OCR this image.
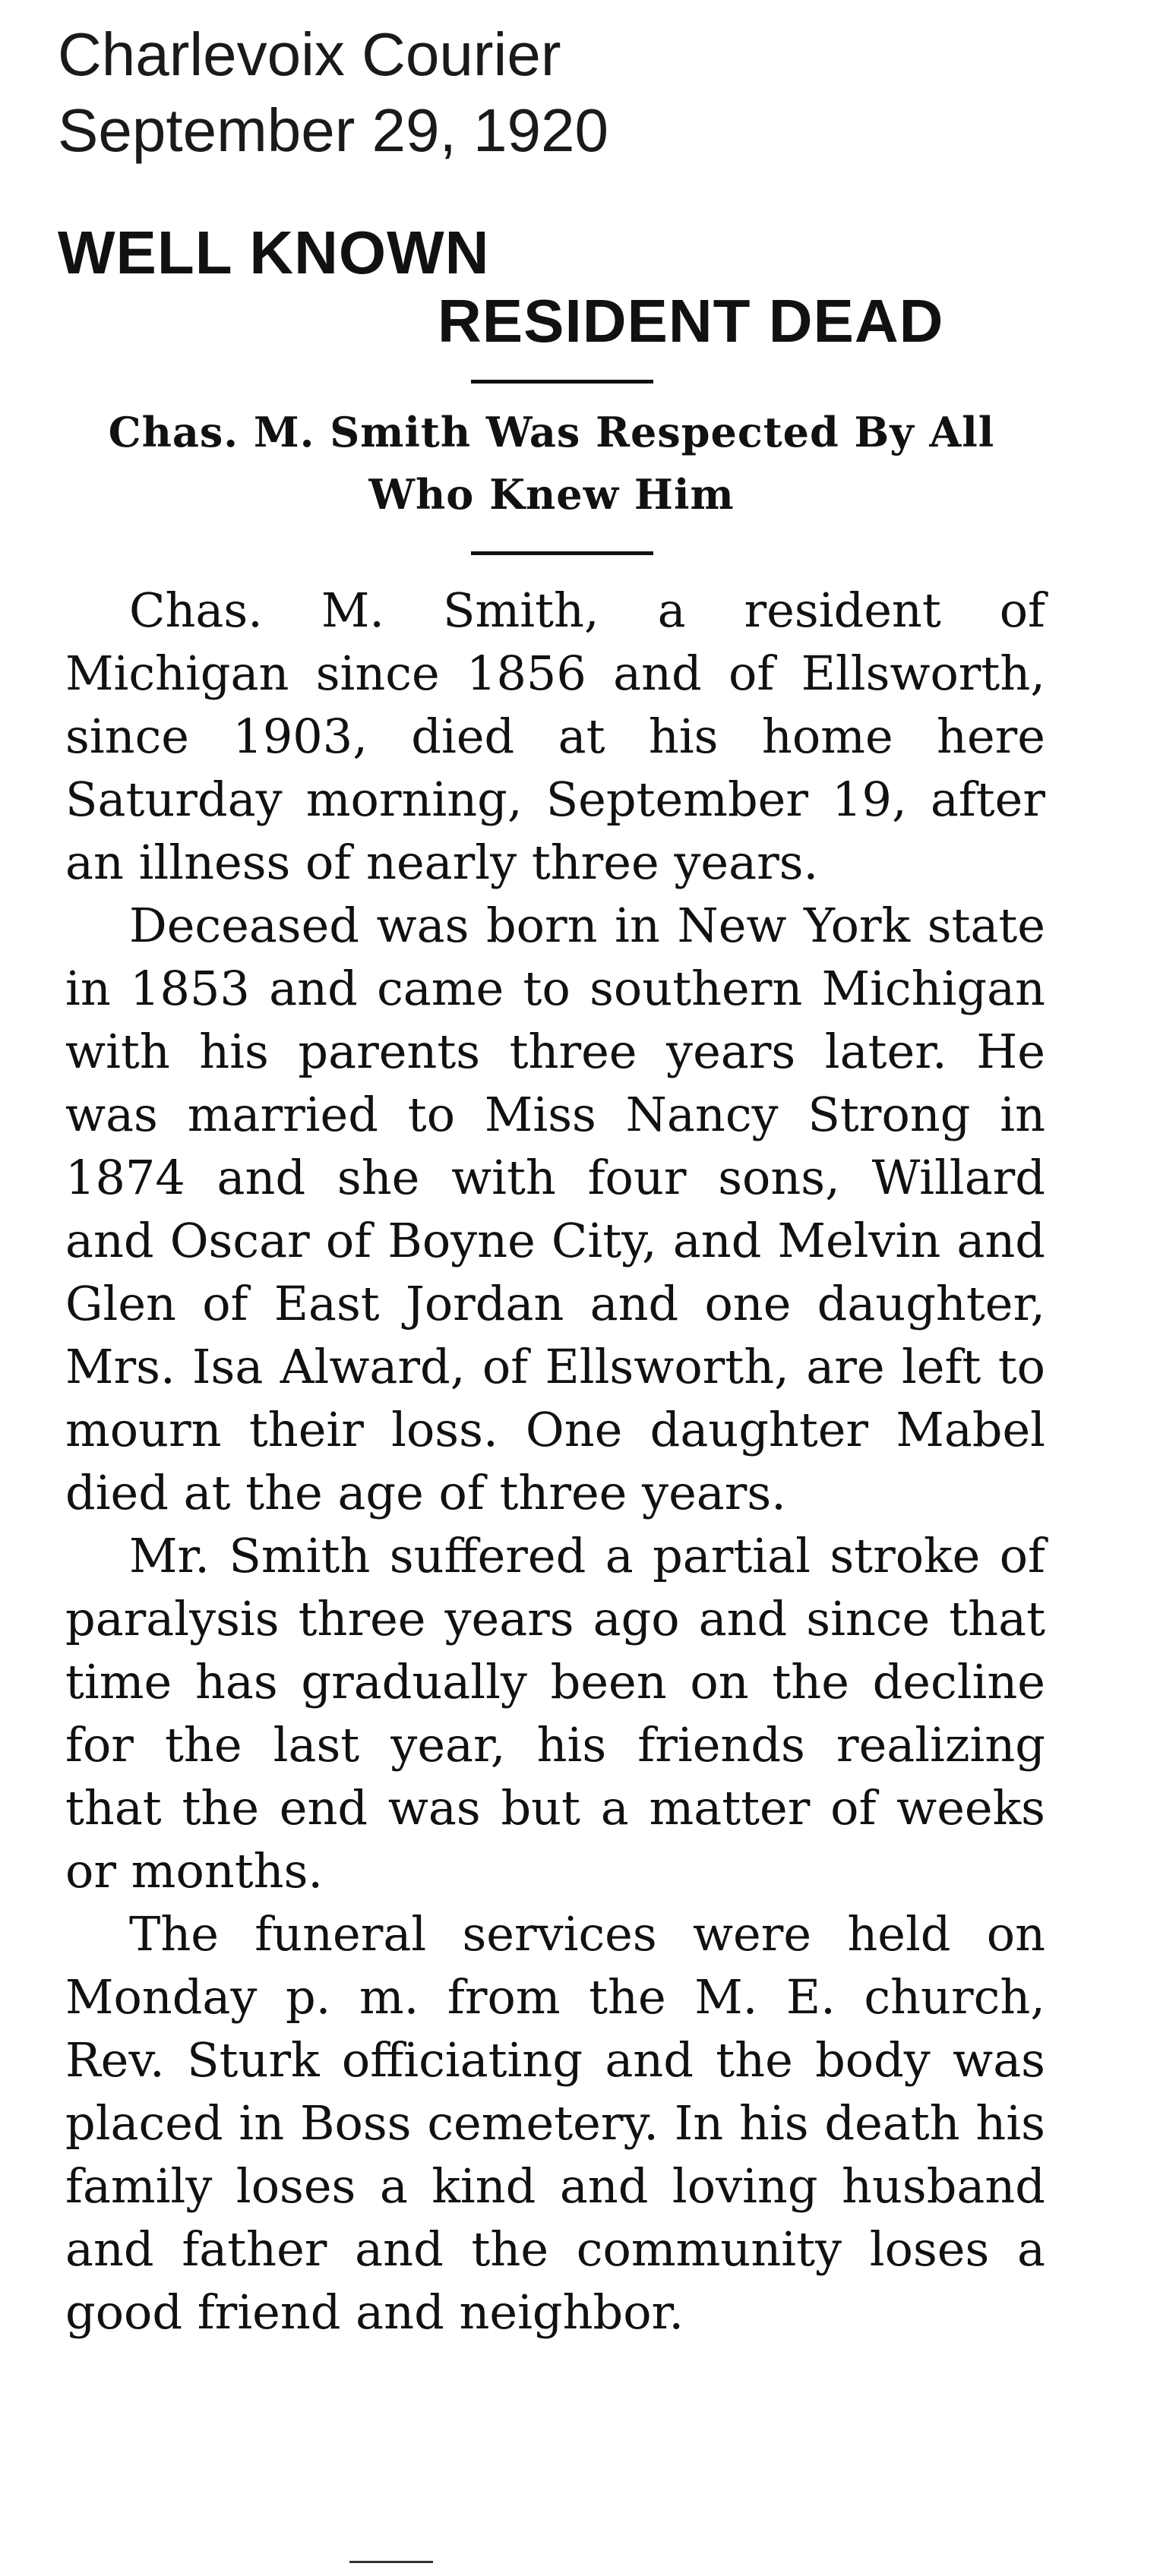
Charlevoix Courier
September 29, 1920
WELL KNOWN
RESIDENT DEAD
Chas. M. Smith Was Respected By All Who Knew Him

Chas. M. Smith, a resident of Michigan since 1856 and of Ellsworth, since 1903, died at his home here Saturday morning, September 19, after an illness of nearly three years.

Deceased was born in New York state in 1853 and came to southern Michigan with his parents three years later. He was married to Miss Nancy Strong in 1874 and she with four sons, Willard and Oscar of Boyne City, and Melvin and Glen of East Jordan and one daughter, Mrs. Isa Alward, of Ellsworth, are left to mourn their loss. One daughter Mabel died at the age of three years.

Mr. Smith suffered a partial stroke of paralysis three years ago and since that time has gradually been on the decline for the last year, his friends realizing that the end was but a matter of weeks or months.

The funeral services were held on Monday p. m. from the M. E. church, Rev. Sturk officiating and the body was placed in Boss cemetery. In his death his family loses a kind and loving husband and father and the community loses a good friend and neighbor.
